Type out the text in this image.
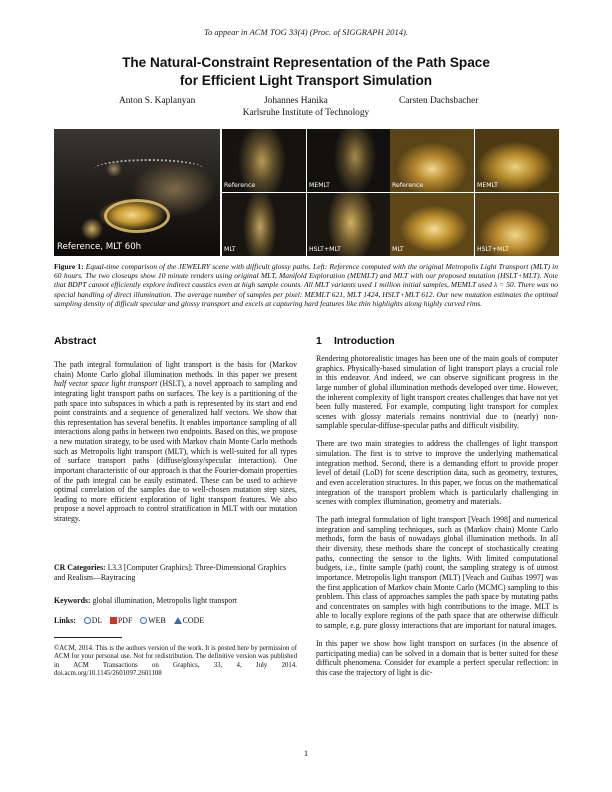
To appear in ACM TOG 33(4) (Proc. of SIGGRAPH 2014).
The Natural-Constraint Representation of the Path Space
for Efficient Light Transport Simulation
Anton S. Kaplanyan	Johannes Hanika	Carsten Dachsbacher
Karlsruhe Institute of Technology
Reference, MLT 60h
Reference	MEMLT
MLT	HSLT+MLT
Reference	MEMLT
MLT	HSLT+MLT
Figure 1: Equal-time comparison of the JEWELRY scene with difficult glossy paths. Left: Reference computed with the original Metropolis Light Transport (MLT) in 60 hours. The two closeups show 10 minute renders using original MLT, Manifold Exploration (MEMLT) and MLT with our proposed mutation (HSLT+MLT). Note that BDPT cannot efficiently explore indirect caustics even at high sample counts. All MLT variants used 1 million initial samples, MEMLT used λ = 50. There was no special handling of direct illumination. The average number of samples per pixel: MEMLT 621, MLT 1424, HSLT+MLT 612. Our new mutation estimates the optimal sampling density of difficult specular and glossy transport and excels at capturing hard features like thin highlights along highly curved rims.
Abstract	1 Introduction

The path integral formulation of light transport is the basis for (Markov chain) Monte Carlo global illumination methods. In this paper we present half vector space light transport (HSLT), a novel approach to sampling and integrating light transport paths on surfaces. The key is a partitioning of the path space into subspaces in which a path is represented by its start and end point constraints and a sequence of generalized half vectors. We show that this representation has several benefits. It enables importance sampling of all interactions along paths in between two endpoints. Based on this, we propose a new mutation strategy, to be used with Markov chain Monte Carlo methods such as Metropolis light transport (MLT), which is well-suited for all types of surface transport paths (diffuse/glossy/specular interaction). One important characteristic of our approach is that the Fourier-domain properties of the path integral can be easily estimated. These can be used to achieve optimal correlation of the samples due to well-chosen mutation step sizes, leading to more efficient exploration of light transport features. We also propose a novel approach to control stratification in MLT with our mutation strategy.

CR Categories: I.3.3 [Computer Graphics]: Three-Dimensional Graphics and Realism—Raytracing
Keywords: global illumination, Metropolis light transport
Links: DL PDF WEB CODE
©ACM, 2014. This is the authors version of the work. It is posted here by permission of ACM for your personal use. Not for redistribution. The definitive version was published in ACM Transactions on Graphics, 33, 4, July 2014. doi.acm.org/10.1145/2601097.2601108

Rendering photorealistic images has been one of the main goals of computer graphics. Physically-based simulation of light transport plays a crucial role in this endeavor. And indeed, we can observe significant progress in the large number of global illumination methods developed over time. However, the inherent complexity of light transport creates challenges that have not yet been fully mastered. For example, computing light transport for complex scenes with glossy materials remains nontrivial due to (nearly) non-samplable specular-diffuse-specular paths and difficult visibility.

There are two main strategies to address the challenges of light transport simulation. The first is to strive to improve the underlying mathematical integration method. Second, there is a demanding effort to provide proper level of detail (LoD) for scene description data, such as geometry, textures, and even acceleration structures. In this paper, we focus on the mathematical integration of the transport problem which is particularly challenging in scenes with complex illumination, geometry and materials.

The path integral formulation of light transport [Veach 1998] and numerical integration and sampling techniques, such as (Markov chain) Monte Carlo methods, form the basis of nowadays global illumination methods. In all their diversity, these methods share the concept of stochastically creating paths, connecting the sensor to the lights. With limited computational budgets, i.e., finite sample (path) count, the sampling strategy is of utmost importance. Metropolis light transport (MLT) [Veach and Guibas 1997] was the first application of Markov chain Monte Carlo (MCMC) sampling to this problem. This class of approaches samples the path space by mutating paths and concentrates on samples with high contributions to the image. MLT is able to locally explore regions of the path space that are otherwise difficult to sample, e.g. pure glossy interactions that are important for natural images.

In this paper we show how light transport on surfaces (in the absence of participating media) can be solved in a domain that is better suited for these difficult phenomena. Consider for example a perfect specular reflection: in this case the trajectory of light is dic-

1
